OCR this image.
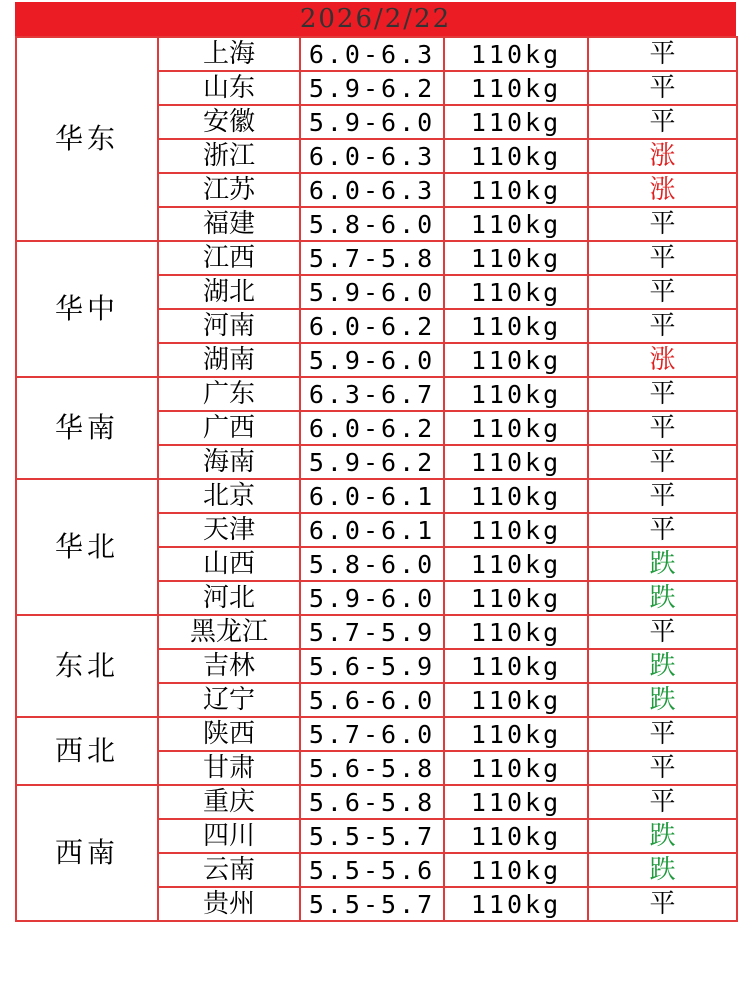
2026/2/22
华东	上海	6.0-6.3	110kg	平
	山东	5.9-6.2	110kg	平
	安徽	5.9-6.0	110kg	平
	浙江	6.0-6.3	110kg	涨
	江苏	6.0-6.3	110kg	涨
	福建	5.8-6.0	110kg	平
华中	江西	5.7-5.8	110kg	平
	湖北	5.9-6.0	110kg	平
	河南	6.0-6.2	110kg	平
	湖南	5.9-6.0	110kg	涨
华南	广东	6.3-6.7	110kg	平
	广西	6.0-6.2	110kg	平
	海南	5.9-6.2	110kg	平
华北	北京	6.0-6.1	110kg	平
	天津	6.0-6.1	110kg	平
	山西	5.8-6.0	110kg	跌
	河北	5.9-6.0	110kg	跌
东北	黑龙江	5.7-5.9	110kg	平
	吉林	5.6-5.9	110kg	跌
	辽宁	5.6-6.0	110kg	跌
西北	陕西	5.7-6.0	110kg	平
	甘肃	5.6-5.8	110kg	平
西南	重庆	5.6-5.8	110kg	平
	四川	5.5-5.7	110kg	跌
	云南	5.5-5.6	110kg	跌
	贵州	5.5-5.7	110kg	平
